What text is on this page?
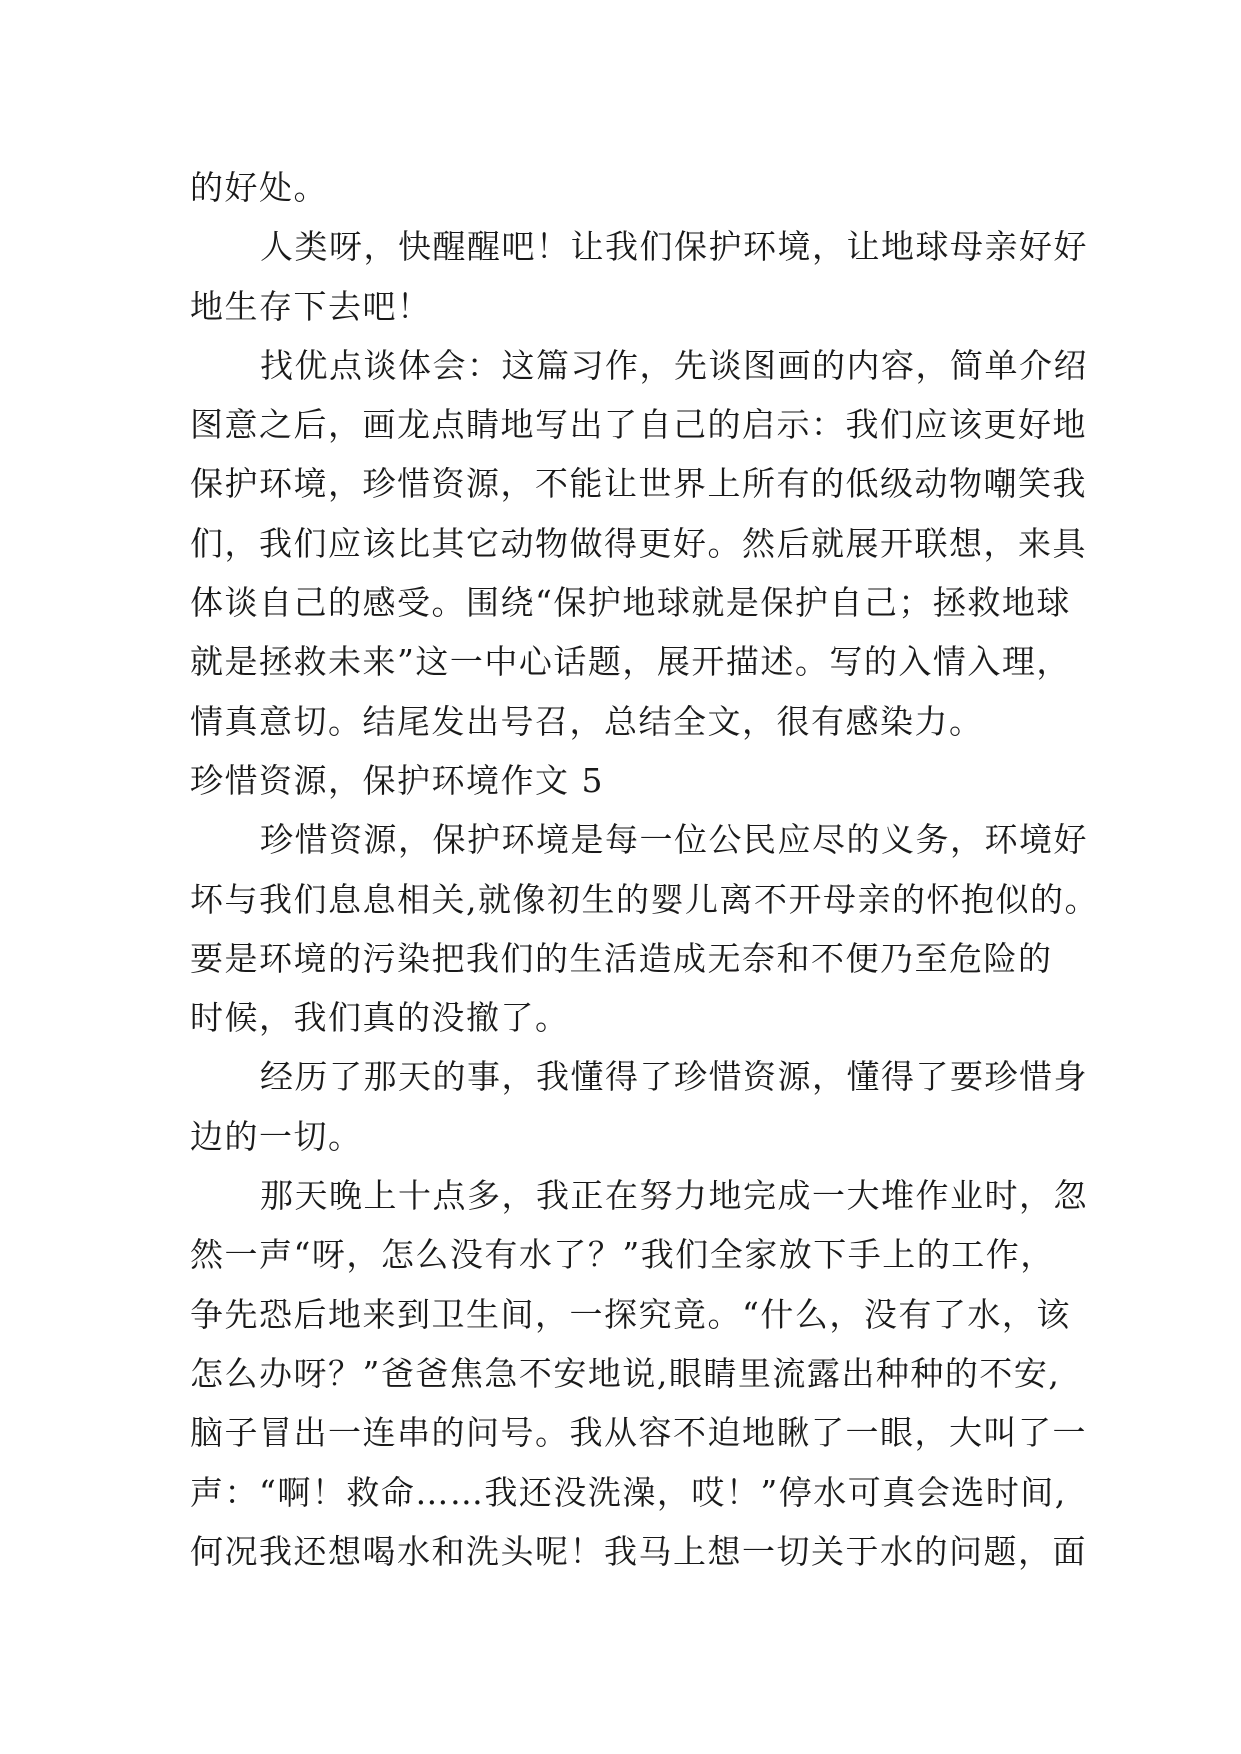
的好处。
人类呀，快醒醒吧！让我们保护环境，让地球母亲好好
地生存下去吧！
找优点谈体会：这篇习作，先谈图画的内容，简单介绍
图意之后，画龙点睛地写出了自己的启示：我们应该更好地
保护环境，珍惜资源，不能让世界上所有的低级动物嘲笑我
们，我们应该比其它动物做得更好。然后就展开联想，来具
体谈自己的感受。围绕“保护地球就是保护自己；拯救地球
就是拯救未来”这一中心话题，展开描述。写的入情入理，
情真意切。结尾发出号召，总结全文，很有感染力。
珍惜资源，保护环境作文 5
珍惜资源，保护环境是每一位公民应尽的义务，环境好
坏与我们息息相关,就像初生的婴儿离不开母亲的怀抱似的。
要是环境的污染把我们的生活造成无奈和不便乃至危险的
时候，我们真的没撤了。
经历了那天的事，我懂得了珍惜资源，懂得了要珍惜身
边的一切。
那天晚上十点多，我正在努力地完成一大堆作业时，忽
然一声“呀，怎么没有水了？”我们全家放下手上的工作，
争先恐后地来到卫生间，一探究竟。“什么，没有了水，该
怎么办呀？”爸爸焦急不安地说,眼睛里流露出种种的不安,
脑子冒出一连串的问号。我从容不迫地瞅了一眼，大叫了一
声：“啊！救命……我还没洗澡，哎！”停水可真会选时间,
何况我还想喝水和洗头呢！我马上想一切关于水的问题，面
